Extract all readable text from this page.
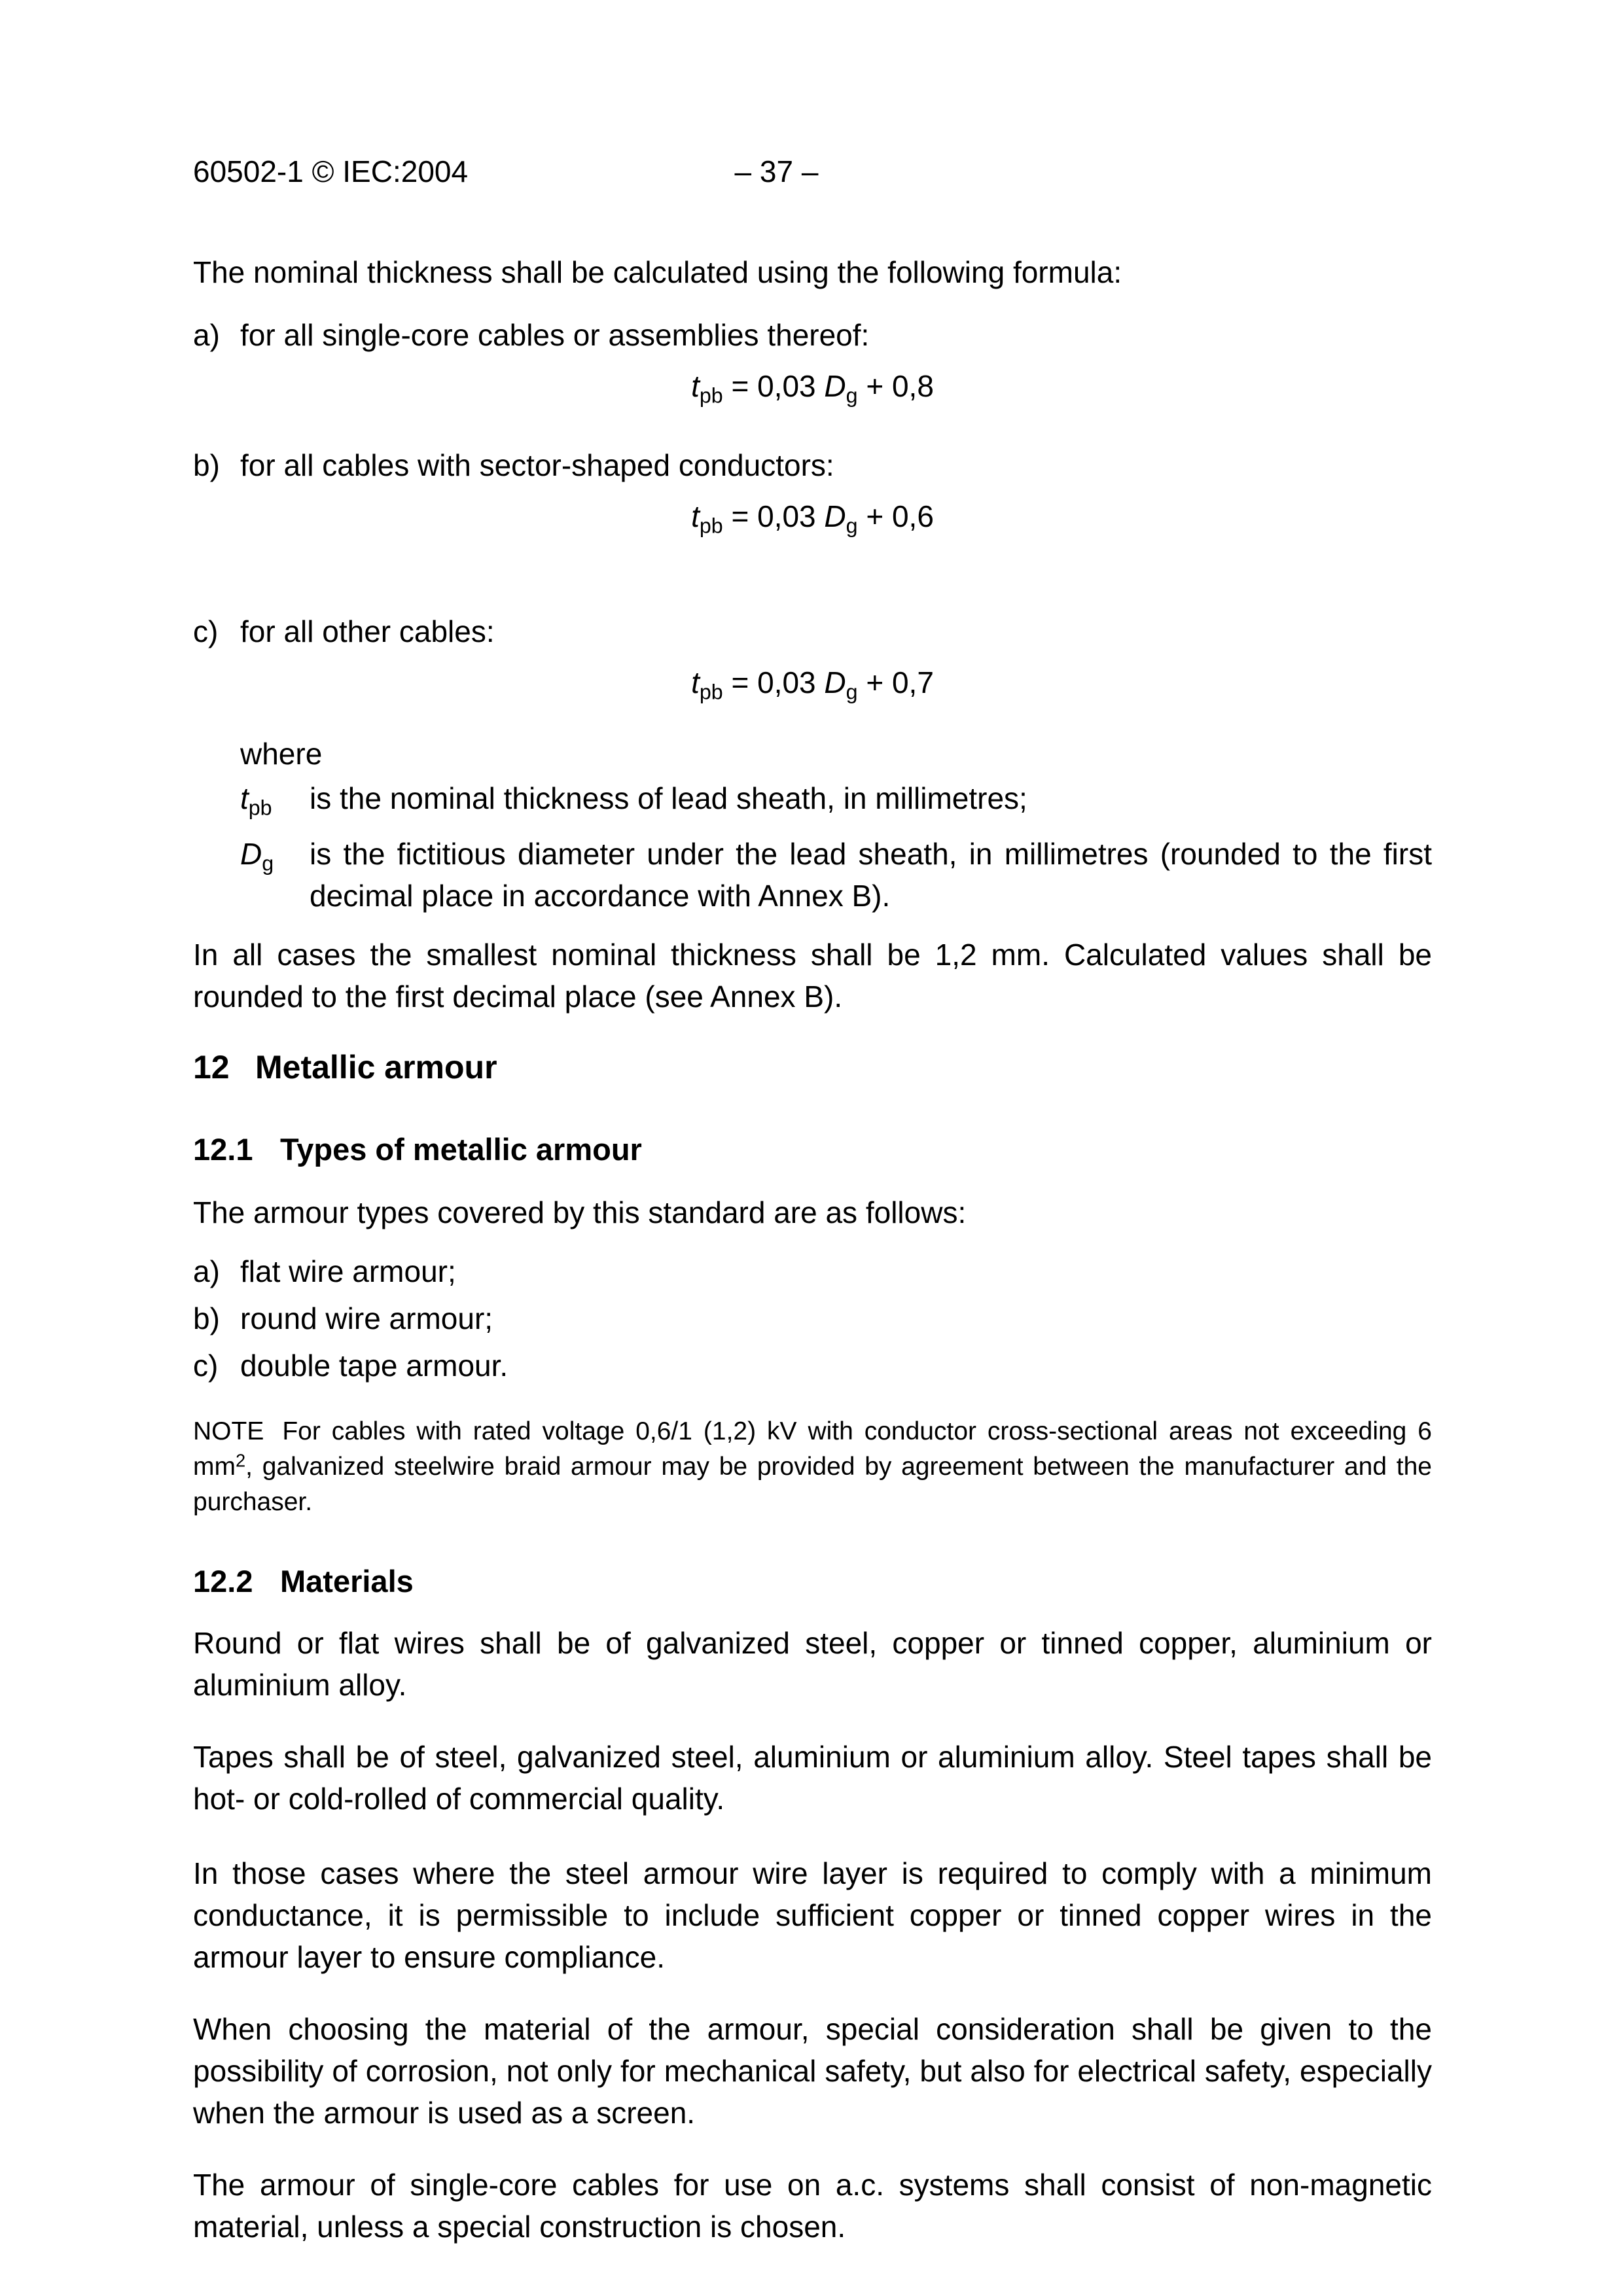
60502-1 © IEC:2004	– 37 –

The nominal thickness shall be calculated using the following formula:

a) for all single-core cables or assemblies thereof:
$t_{pb} = 0,03$ $D_g + 0,8$
b) for all cables with sector-shaped conductors:
$t_{pb} = 0,03$ $D_g + 0,6$
c) for all other cables:
$t_{pb} = 0,03$ $D_g + 0,7$

where

$t_{pb}$	is the nominal thickness of lead sheath, in millimetres;
$D_g$	is the fictitious diameter under the lead sheath, in millimetres (rounded to the first decimal place in accordance with Annex B).

In all cases the smallest nominal thickness shall be 1,2 mm. Calculated values shall be rounded to the first decimal place (see Annex B).

12 Metallic armour
12.1 Types of metallic armour

The armour types covered by this standard are as follows:

a) flat wire armour;
b) round wire armour;
c) double tape armour.

NOTE For cables with rated voltage 0,6/1 (1,2) kV with conductor cross-sectional areas not exceeding 6 $mm^2$, galvanized steelwire braid armour may be provided by agreement between the manufacturer and the purchaser.

12.2 Materials

Round or flat wires shall be of galvanized steel, copper or tinned copper, aluminium or aluminium alloy.

Tapes shall be of steel, galvanized steel, aluminium or aluminium alloy. Steel tapes shall be hot- or cold-rolled of commercial quality.

In those cases where the steel armour wire layer is required to comply with a minimum conductance, it is permissible to include sufficient copper or tinned copper wires in the armour layer to ensure compliance.

When choosing the material of the armour, special consideration shall be given to the possibility of corrosion, not only for mechanical safety, but also for electrical safety, especially when the armour is used as a screen.

The armour of single-core cables for use on a.c. systems shall consist of non-magnetic material, unless a special construction is chosen.
